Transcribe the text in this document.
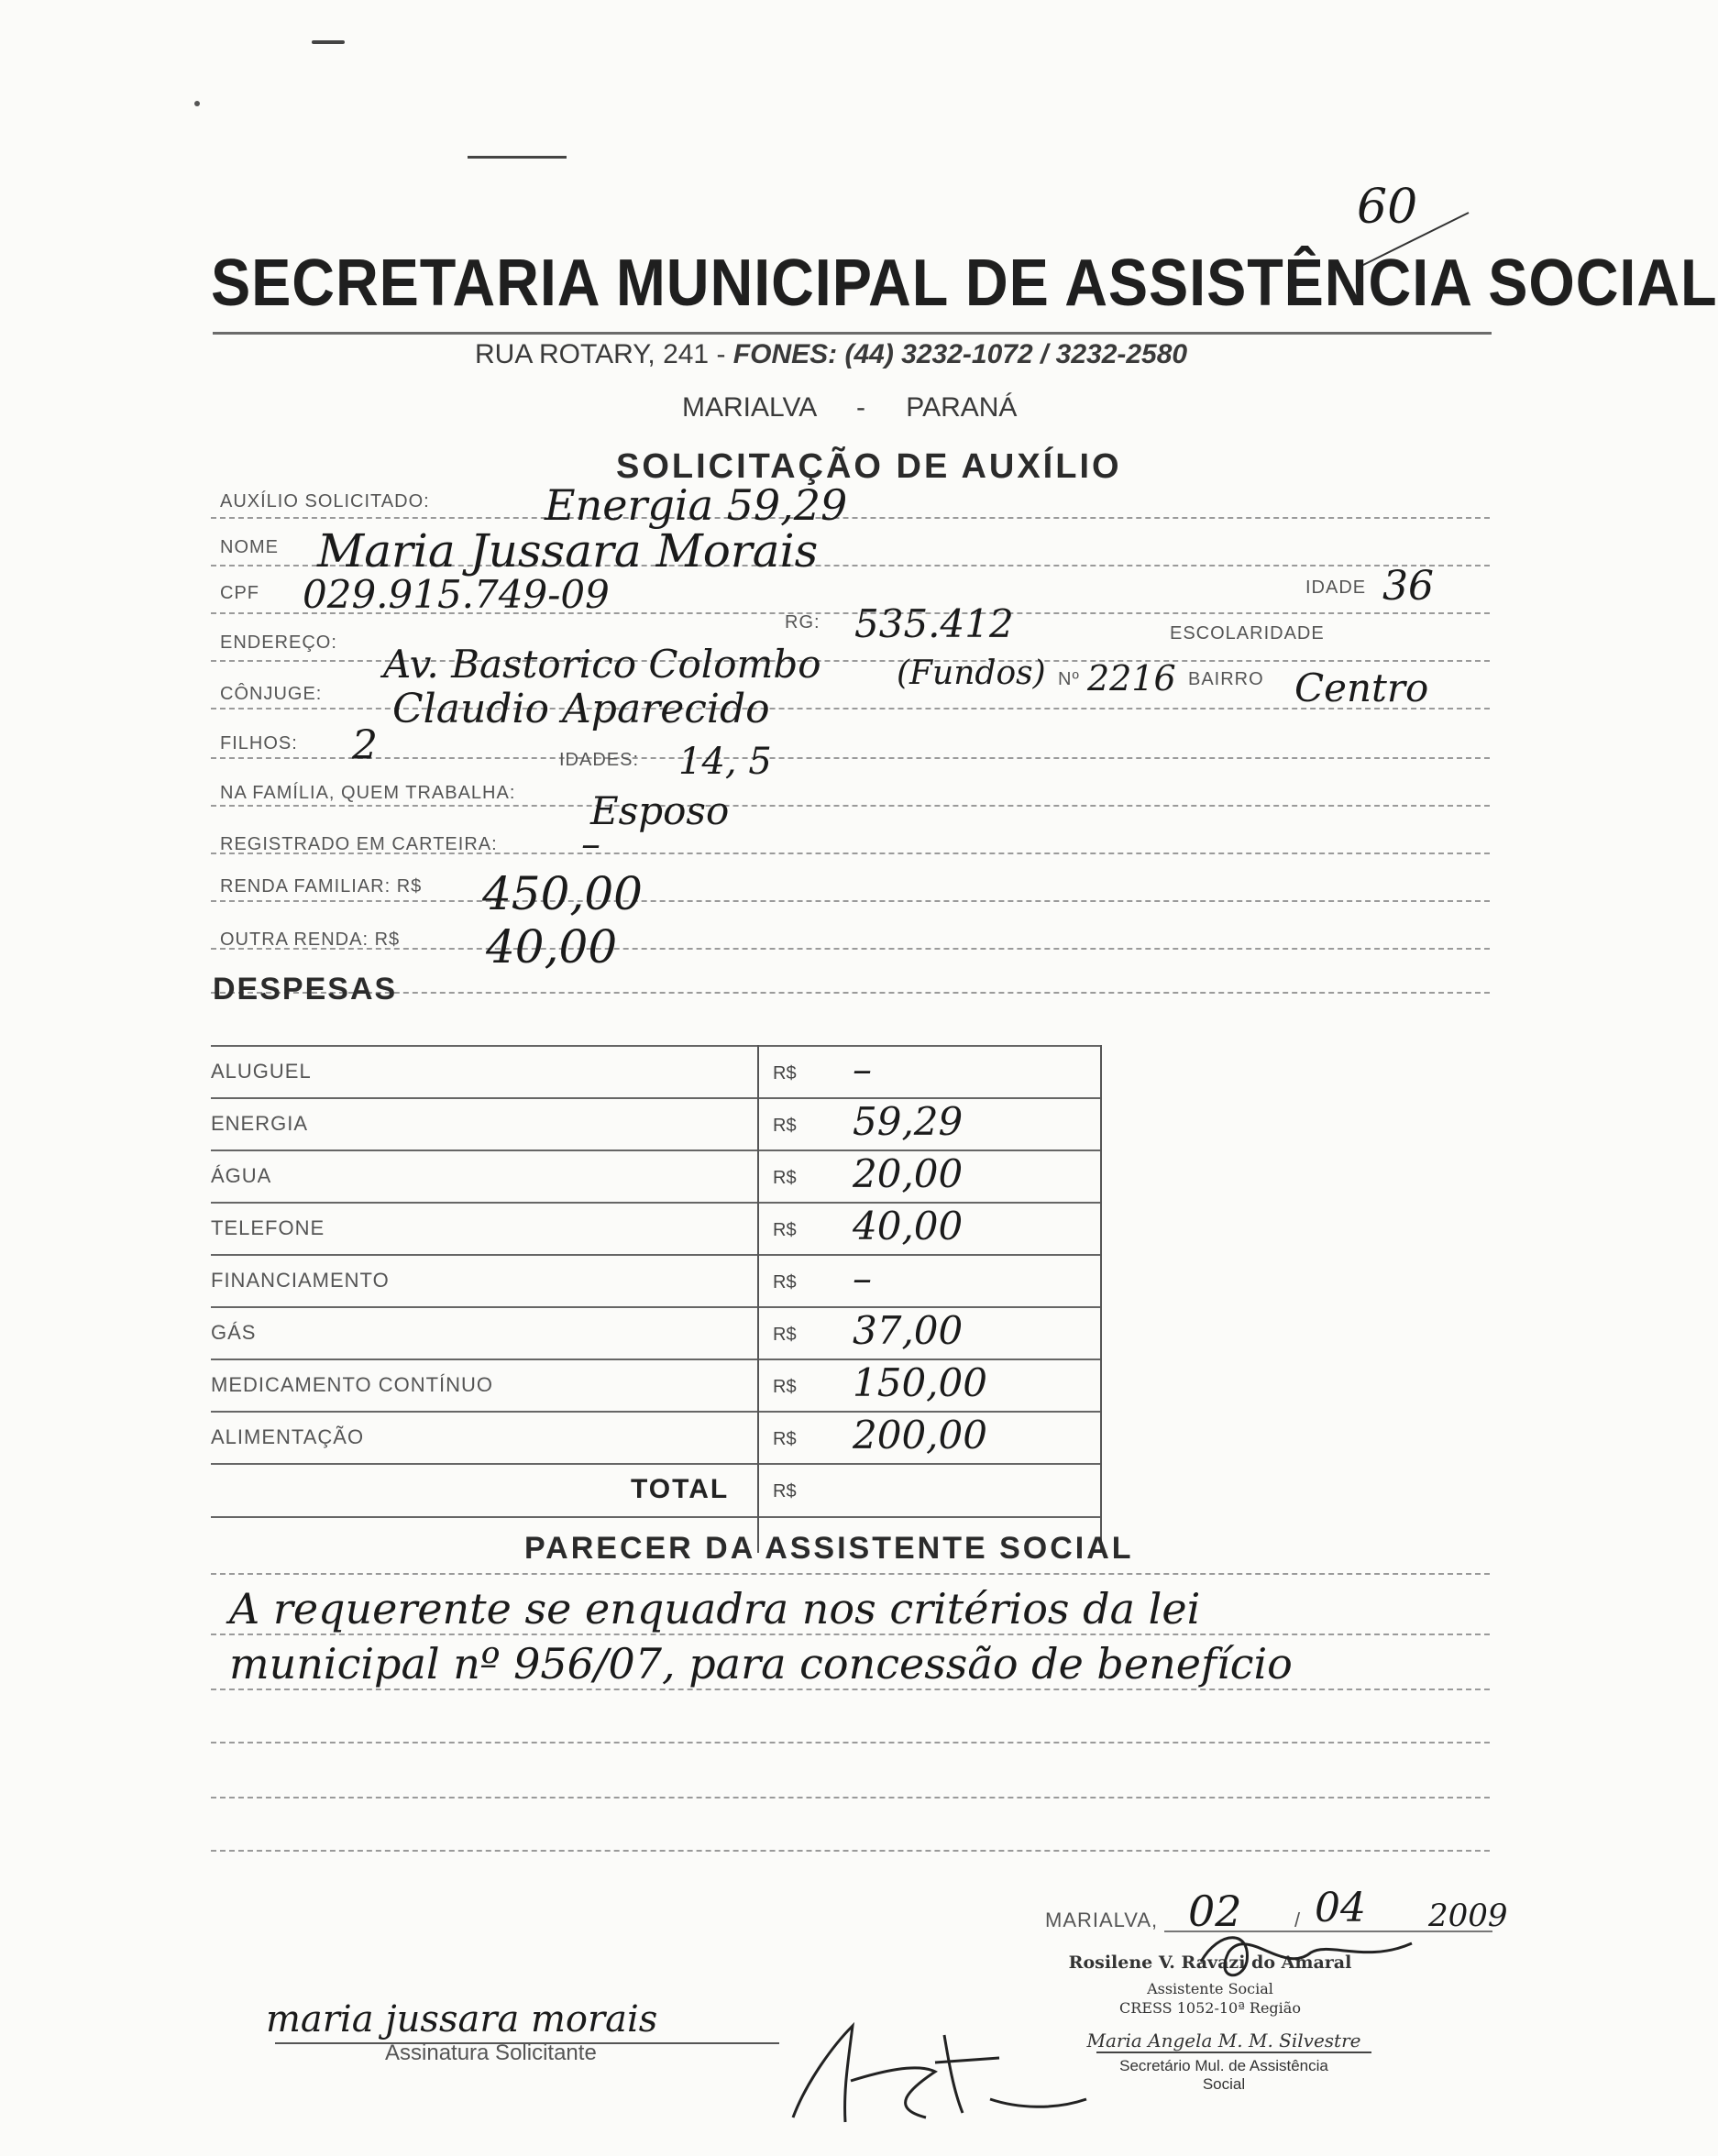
60
SECRETARIA MUNICIPAL DE ASSISTÊNCIA SOCIAL
RUA ROTARY, 241 - FONES: (44) 3232-1072 / 3232-2580
MARIALVA - PARANÁ
SOLICITAÇÃO DE AUXÍLIO
AUXÍLIO SOLICITADO:	Energia 59,29
NOME Maria Jussara Morais
IDADE 36
CPF 029.915.749-09
RG: 535.412	ESCOLARIDADE
ENDEREÇO: Av. Bastorico Colombo (Fundos) Nº 2216 BAIRRO Centro
CÔNJUGE: Claudio Aparecido
FILHOS: 2	IDADES: 14, 5
NA FAMÍLIA, QUEM TRABALHA: Esposo
REGISTRADO EM CARTEIRA: –
RENDA FAMILIAR: R$ 450,00
OUTRA RENDA: R$ 40,00
DESPESAS
ALUGUEL	R$ –
ENERGIA	R$ 59,29
ÁGUA	R$ 20,00
TELEFONE	R$ 40,00
FINANCIAMENTO	R$ –
GÁS	R$ 37,00
MEDICAMENTO CONTÍNUO	R$ 150,00
ALIMENTAÇÃO	R$ 200,00
TOTAL R$
PARECER DA ASSISTENTE SOCIAL
A requerente se enquadra nos critérios da lei
municipal nº 956/07, para concessão de benefício
MARIALVA, 02	/ 04 2009
Rosilene V. Ravazi do Amaral
Assistente Social
CRESS 1052-10ª Região
maria jussara morais
Assinatura Solicitante	Maria Angela M. M. Silvestre
Secretário Mul. de Assistência
Social
